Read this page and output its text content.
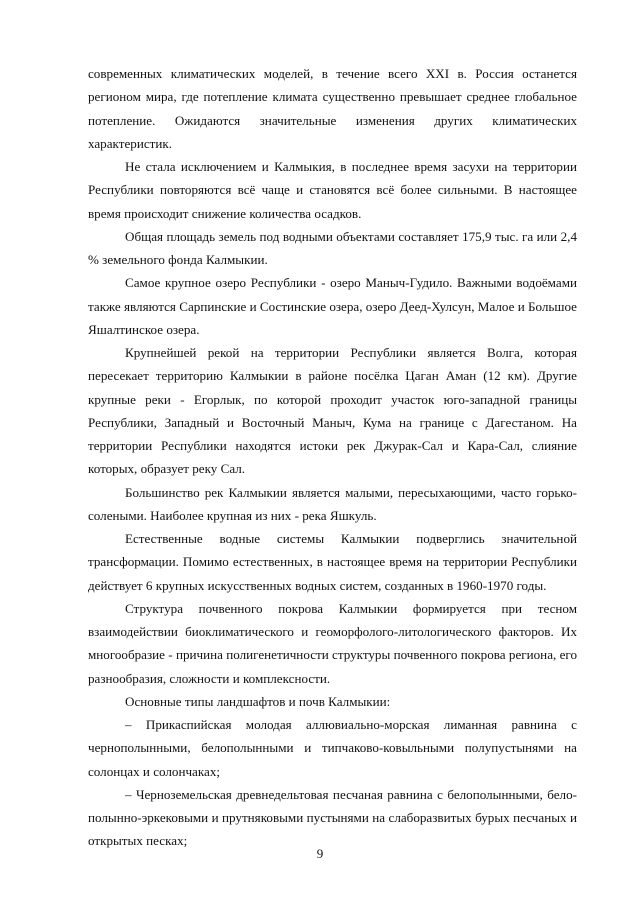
современных климатических моделей, в течение всего XXI в. Россия останется регионом мира, где потепление климата существенно превышает среднее глобальное потепление. Ожидаются значительные изменения других климатических характеристик.

Не стала исключением и Калмыкия, в последнее время засухи на территории Республики повторяются всё чаще и становятся всё более сильными. В настоящее время происходит снижение количества осадков.

Общая площадь земель под водными объектами составляет 175,9 тыс. га или 2,4 % земельного фонда Калмыкии.

Самое крупное озеро Республики - озеро Маныч-Гудило. Важными водоёмами также являются Сарпинские и Состинские озера, озеро Деед-Хулсун, Малое и Большое Яшалтинское озера.

Крупнейшей рекой на территории Республики является Волга, которая пересекает территорию Калмыкии в районе посёлка Цаган Аман (12 км). Другие крупные реки - Егорлык, по которой проходит участок юго-западной границы Республики, Западный и Восточный Маныч, Кума на границе с Дагестаном. На территории Республики находятся истоки рек Джурак-Сал и Кара-Сал, слияние которых, образует реку Сал.

Большинство рек Калмыкии является малыми, пересыхающими, часто горько-солеными. Наиболее крупная из них - река Яшкуль.

Естественные водные системы Калмыкии подверглись значительной трансформации. Помимо естественных, в настоящее время на территории Республики действует 6 крупных искусственных водных систем, созданных в 1960-1970 годы.

Структура почвенного покрова Калмыкии формируется при тесном взаимодействии биоклиматического и геоморфолого-литологического факторов. Их многообразие - причина полигенетичности структуры почвенного покрова региона, его разнообразия, сложности и комплексности.

Основные типы ландшафтов и почв Калмыкии:

– Прикаспийская молодая аллювиально-морская лиманная равнина с чернополынными, белополынными и типчаково-ковыльными полупустынями на солонцах и солончаках;

– Черноземельская древнедельтовая песчаная равнина с белополынными, бело-полынно-эркековыми и прутняковыми пустынями на слаборазвитых бурых песчаных и открытых песках;

9
